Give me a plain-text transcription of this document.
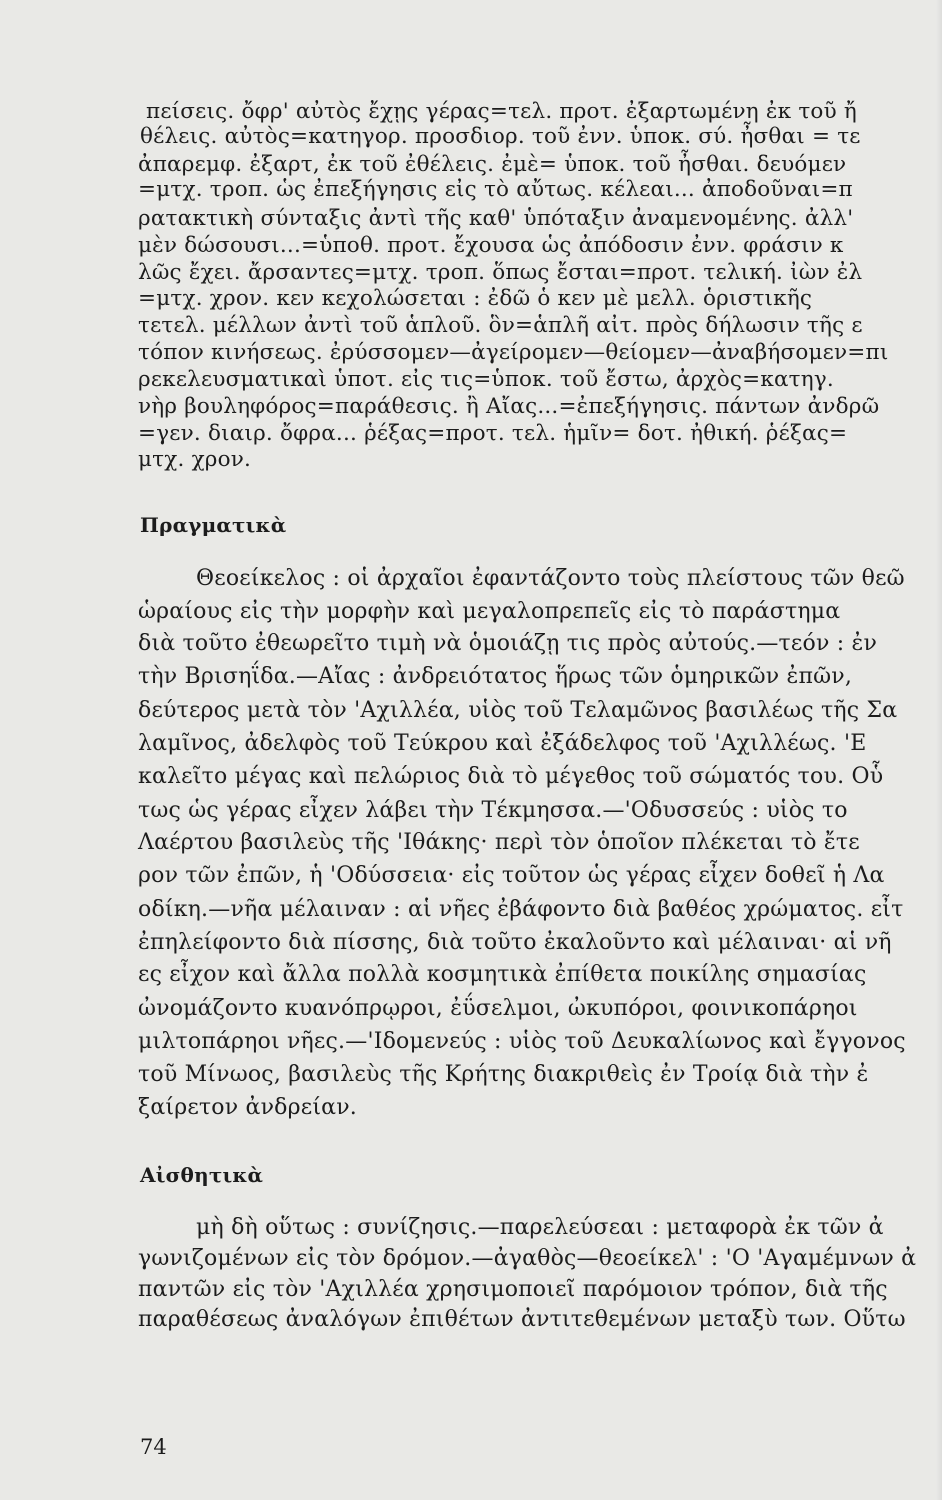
πείσεις. ὄφρ' αὐτὸς ἔχῃς γέρας=τελ. προτ. ἐξαρτωμένη ἐκ τοῦ ἤ
θέλεις. αὐτὸς=κατηγορ. προσδιορ. τοῦ ἐνν. ὑποκ. σύ. ἦσθαι = τε
ἀπαρεμφ. ἐξαρτ, ἐκ τοῦ ἐθέλεις. ἐμὲ= ὑποκ. τοῦ ἦσθαι. δευόμεν
=μτχ. τροπ. ὡς ἐπεξήγησις εἰς τὸ αὔτως. κέλεαι... ἀποδοῦναι=π
ρατακτικὴ σύνταξις ἀντὶ τῆς καθ' ὑπόταξιν ἀναμενομένης. ἀλλ'
μὲν δώσουσι...=ὑποθ. προτ. ἔχουσα ὡς ἀπόδοσιν ἐνν. φράσιν κ
λῶς ἔχει. ἄρσαντες=μτχ. τροπ. ὅπως ἔσται=προτ. τελική. ἰὼν ἐλ
=μτχ. χρον. κεν κεχολώσεται : ἐδῶ ὁ κεν μὲ μελλ. ὁριστικῆς
τετελ. μέλλων ἀντὶ τοῦ ἁπλοῦ. ὃν=ἁπλῆ αἰτ. πρὸς δήλωσιν τῆς ε
τόπον κινήσεως. ἐρύσσομεν—ἀγείρομεν—θείομεν—ἀναβήσομεν=πι
ρεκελευσματικαὶ ὑποτ. εἰς τις=ὑποκ. τοῦ ἔστω, ἀρχὸς=κατηγ.
νὴρ βουληφόρος=παράθεσις. ἢ Αἴας...=ἐπεξήγησις. πάντων ἀνδρῶ
=γεν. διαιρ. ὄφρα... ῥέξας=προτ. τελ. ἡμῖν= δοτ. ἠθική. ῥέξας=
μτχ. χρον.
Πραγματικὰ
Θεοείκελος : οἱ ἀρχαῖοι ἐφαντάζοντο τοὺς πλείστους τῶν θεῶ
ὡραίους εἰς τὴν μορφὴν καὶ μεγαλοπρεπεῖς εἰς τὸ παράστημα
διὰ τοῦτο ἐθεωρεῖτο τιμὴ νὰ ὁμοιάζῃ τις πρὸς αὐτούς.—τεόν : ἐν
τὴν Βρισηΐδα.—Αἴας : ἀνδρειότατος ἥρως τῶν ὁμηρικῶν ἐπῶν,
δεύτερος μετὰ τὸν 'Αχιλλέα, υἱὸς τοῦ Τελαμῶνος βασιλέως τῆς Σα
λαμῖνος, ἀδελφὸς τοῦ Τεύκρου καὶ ἐξάδελφος τοῦ 'Αχιλλέως. 'Ε
καλεῖτο μέγας καὶ πελώριος διὰ τὸ μέγεθος τοῦ σώματός του. Οὗ
τως ὡς γέρας εἶχεν λάβει τὴν Τέκμησσα.—'Οδυσσεύς : υἱὸς το
Λαέρτου βασιλεὺς τῆς 'Ιθάκης· περὶ τὸν ὁποῖον πλέκεται τὸ ἔτε
ρον τῶν ἐπῶν, ἡ 'Οδύσσεια· εἰς τοῦτον ὡς γέρας εἶχεν δοθεῖ ἡ Λα
οδίκη.—νῆα μέλαιναν : αἱ νῆες ἐβάφοντο διὰ βαθέος χρώματος. εἶτ
ἐπηλείφοντο διὰ πίσσης, διὰ τοῦτο ἐκαλοῦντο καὶ μέλαιναι· αἱ νῆ
ες εἶχον καὶ ἄλλα πολλὰ κοσμητικὰ ἐπίθετα ποικίλης σημασίας
ὠνομάζοντο κυανόπρῳροι, ἐΰσελμοι, ὠκυπόροι, φοινικοπάρηοι
μιλτοπάρηοι νῆες.—'Ιδομενεύς : υἱὸς τοῦ Δευκαλίωνος καὶ ἔγγονος
τοῦ Μίνωος, βασιλεὺς τῆς Κρήτης διακριθεὶς ἐν Τροίᾳ διὰ τὴν ἐ
ξαίρετον ἀνδρείαν.
Αἰσθητικὰ
μὴ δὴ οὕτως : συνίζησις.—παρελεύσεαι : μεταφορὰ ἐκ τῶν ἀ
γωνιζομένων εἰς τὸν δρόμον.—ἀγαθὸς—θεοείκελ' : 'Ο 'Αγαμέμνων ἀ
παντῶν εἰς τὸν 'Αχιλλέα χρησιμοποιεῖ παρόμοιον τρόπον, διὰ τῆς
παραθέσεως ἀναλόγων ἐπιθέτων ἀντιτεθεμένων μεταξὺ των. Οὕτω
74
